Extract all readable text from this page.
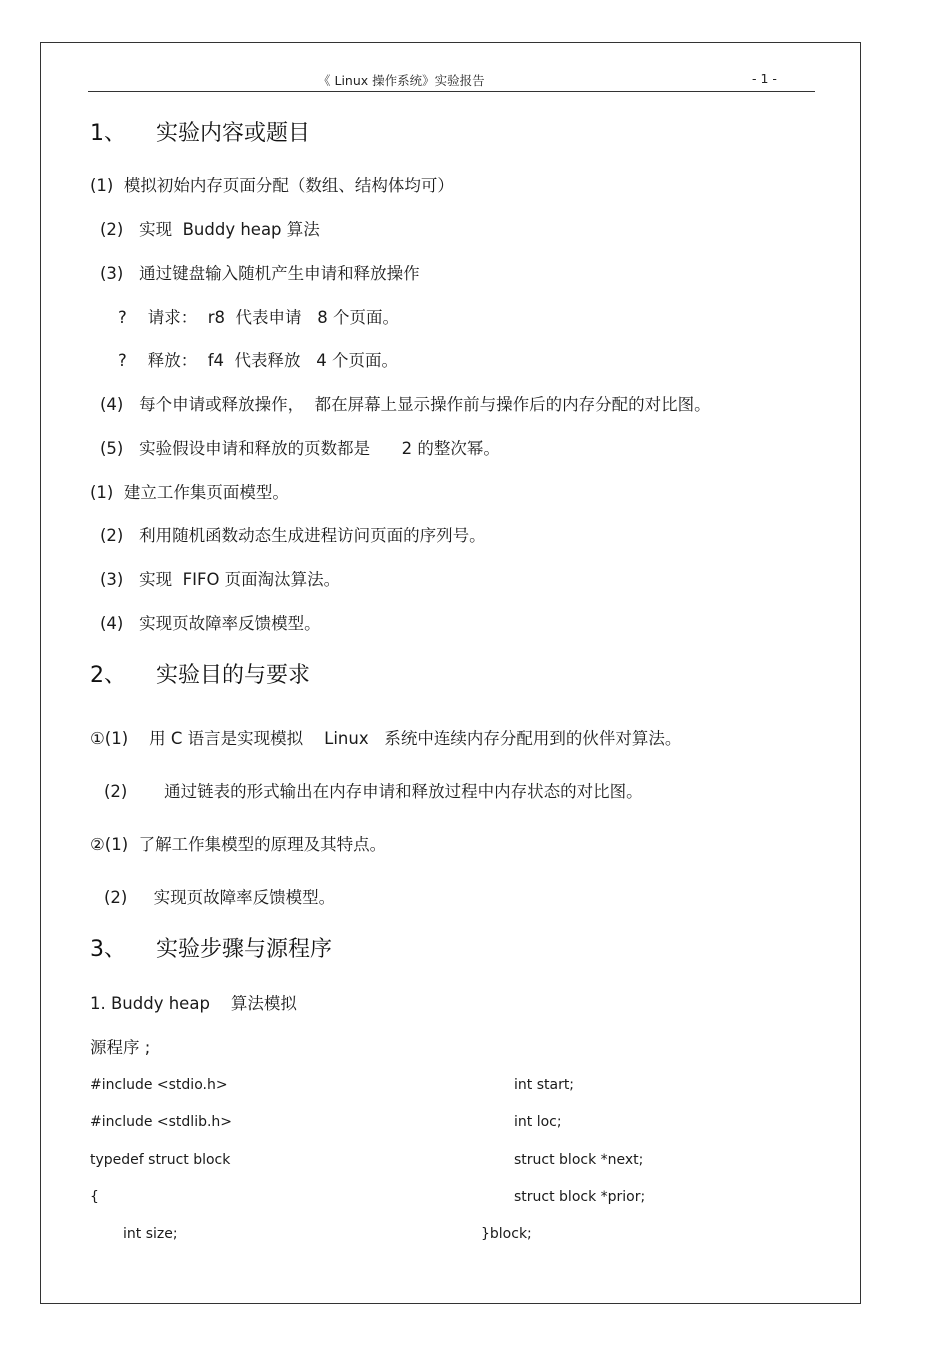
《 Linux 操作系统》实验报告	- 1 -
1、 实验内容或题目
(1)  模拟初始内存页面分配（数组、结构体均可）
(2)   实现  Buddy heap 算法
(3)   通过键盘输入随机产生申请和释放操作
?    请求：  r8  代表申请   8 个页面。
?    释放：  f4  代表释放   4 个页面。
(4)   每个申请或释放操作，  都在屏幕上显示操作前与操作后的内存分配的对比图。
(5)   实验假设申请和释放的页数都是      2 的整次幂。
(1)  建立工作集页面模型。
(2)   利用随机函数动态生成进程访问页面的序列号。
(3)   实现  FIFO 页面淘汰算法。
(4)   实现页故障率反馈模型。
2、 实验目的与要求
①(1)    用 C 语言是实现模拟    Linux   系统中连续内存分配用到的伙伴对算法。
(2)       通过链表的形式输出在内存申请和释放过程中内存状态的对比图。
②(1)  了解工作集模型的原理及其特点。
(2)     实现页故障率反馈模型。
3、 实验步骤与源程序
1. Buddy heap    算法模拟
源程序 ;
#include <stdio.h>
#include <stdlib.h>
typedef struct block
{
int size;
int start;
int loc;
struct block *next;
struct block *prior;
}block;
